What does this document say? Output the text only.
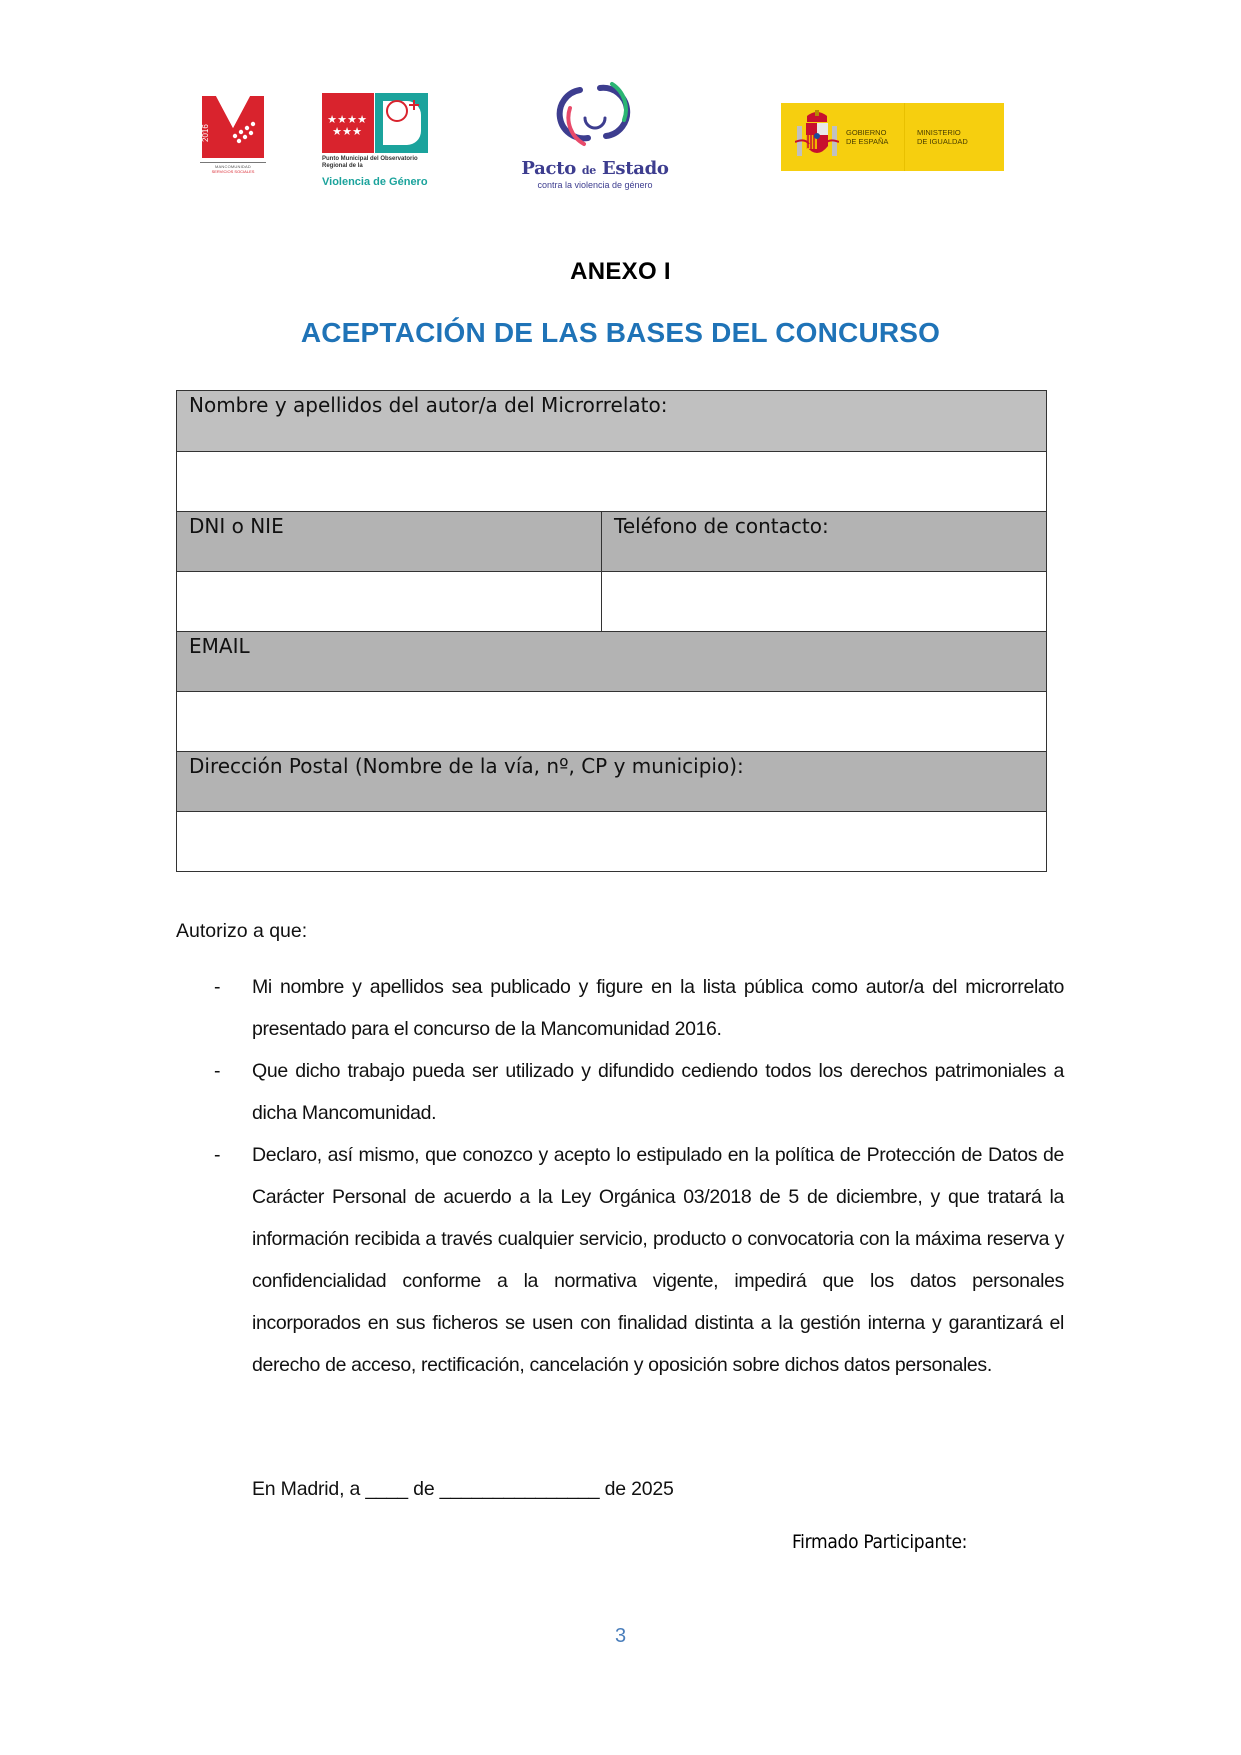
2016
MANCOMUNIDAD
SERVICIOS SOCIALES
★ ★ ★ ★
★ ★ ★
Punto Municipal del Observatorio Regional de la
Violencia de Género
Pacto de Estado
contra la violencia de género
GOBIERNO
DE ESPAÑA
MINISTERIO
DE IGUALDAD
ANEXO I
ACEPTACIÓN DE LAS BASES DEL CONCURSO
Nombre y apellidos del autor/a del Microrrelato:
DNI o NIE	Teléfono de contacto:
EMAIL
Dirección Postal (Nombre de la vía, nº, CP y municipio):
Autorizo a que:
- Mi nombre y apellidos sea publicado y figure en la lista pública como autor/a del microrrelato presentado para el concurso de la Mancomunidad 2016.
- Que dicho trabajo pueda ser utilizado y difundido cediendo todos los derechos patrimoniales a dicha Mancomunidad.
- Declaro, así mismo, que conozco y acepto lo estipulado en la política de Protección de Datos de Carácter Personal de acuerdo a la Ley Orgánica 03/2018 de 5 de diciembre, y que tratará la información recibida a través cualquier servicio, producto o convocatoria con la máxima reserva y confidencialidad conforme a la normativa vigente, impedirá que los datos personales incorporados en sus ficheros se usen con finalidad distinta a la gestión interna y garantizará el derecho de acceso, rectificación, cancelación y oposición sobre dichos datos personales.
En Madrid, a ____ de _______________ de 2025
Firmado Participante:
3
